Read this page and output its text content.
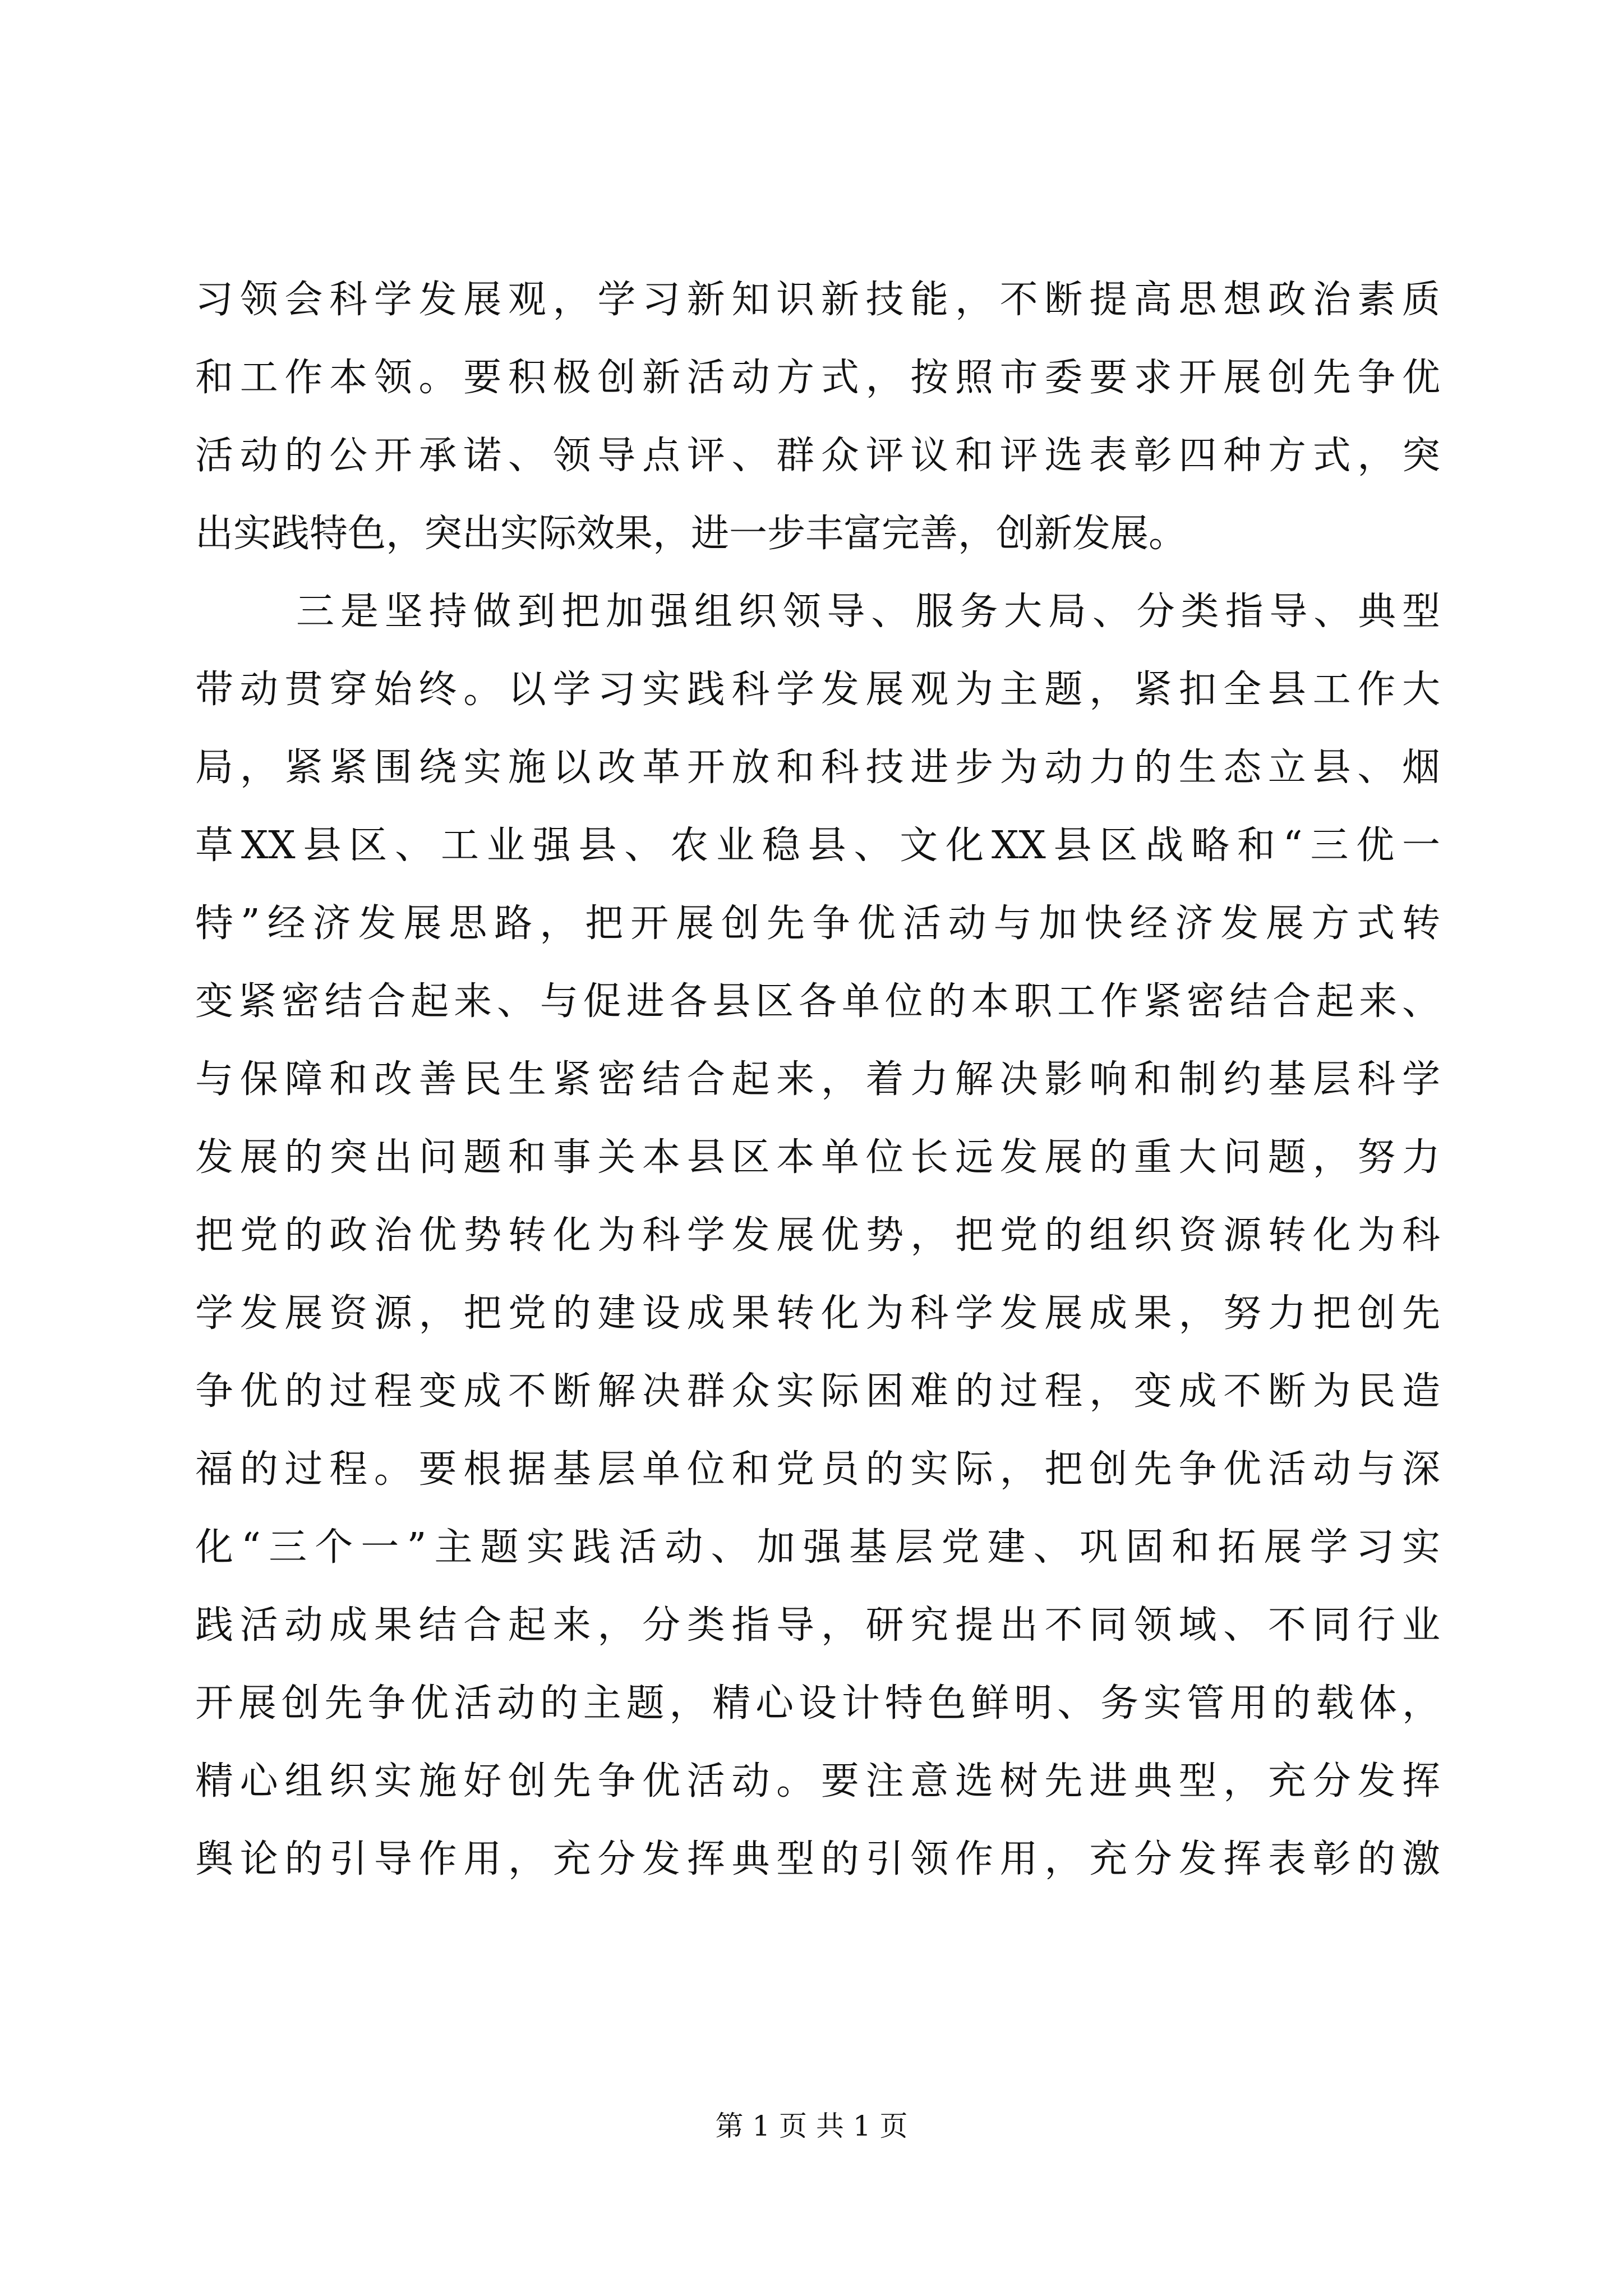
习领会科学发展观，学习新知识新技能，不断提高思想政治素质
和工作本领。要积极创新活动方式，按照市委要求开展创先争优
活动的公开承诺、领导点评、群众评议和评选表彰四种方式，突
出实践特色，突出实际效果，进一步丰富完善，创新发展。
三是坚持做到把加强组织领导、服务大局、分类指导、典型
带动贯穿始终。以学习实践科学发展观为主题，紧扣全县工作大
局，紧紧围绕实施以改革开放和科技进步为动力的生态立县、烟
草XX县区、工业强县、农业稳县、文化XX县区战略和“三优一
特”经济发展思路，把开展创先争优活动与加快经济发展方式转
变紧密结合起来、与促进各县区各单位的本职工作紧密结合起来、
与保障和改善民生紧密结合起来，着力解决影响和制约基层科学
发展的突出问题和事关本县区本单位长远发展的重大问题，努力
把党的政治优势转化为科学发展优势，把党的组织资源转化为科
学发展资源，把党的建设成果转化为科学发展成果，努力把创先
争优的过程变成不断解决群众实际困难的过程，变成不断为民造
福的过程。要根据基层单位和党员的实际，把创先争优活动与深
化“三个一”主题实践活动、加强基层党建、巩固和拓展学习实
践活动成果结合起来，分类指导，研究提出不同领域、不同行业
开展创先争优活动的主题，精心设计特色鲜明、务实管用的载体，
精心组织实施好创先争优活动。要注意选树先进典型，充分发挥
舆论的引导作用，充分发挥典型的引领作用，充分发挥表彰的激
第 1 页 共 1 页
